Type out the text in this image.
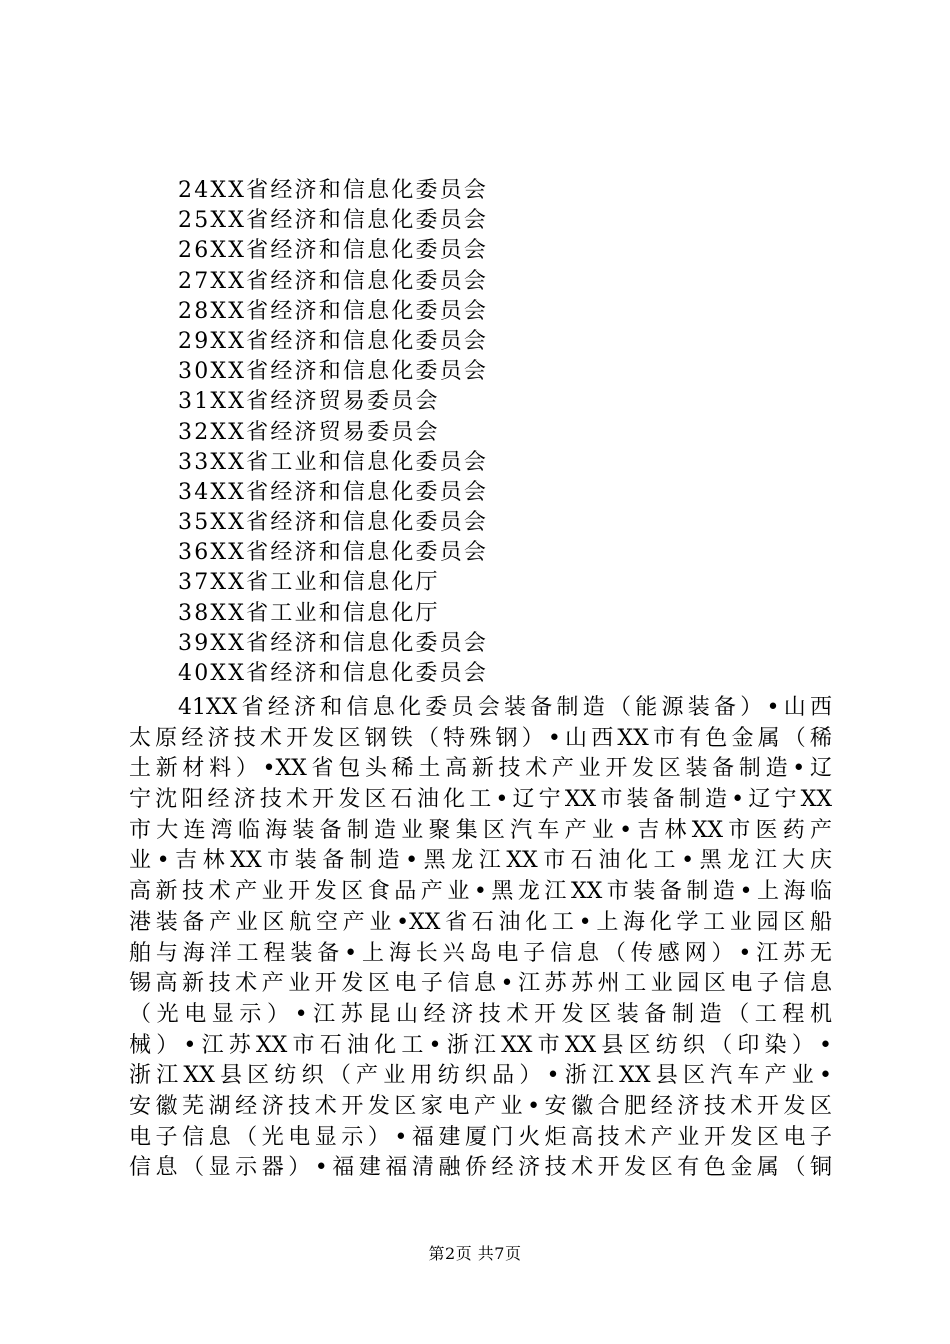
24XX省经济和信息化委员会
25XX省经济和信息化委员会
26XX省经济和信息化委员会
27XX省经济和信息化委员会
28XX省经济和信息化委员会
29XX省经济和信息化委员会
30XX省经济和信息化委员会
31XX省经济贸易委员会
32XX省经济贸易委员会
33XX省工业和信息化委员会
34XX省经济和信息化委员会
35XX省经济和信息化委员会
36XX省经济和信息化委员会
37XX省工业和信息化厅
38XX省工业和信息化厅
39XX省经济和信息化委员会
40XX省经济和信息化委员会
41XX省经济和信息化委员会装备制造（能源装备）•山西
太原经济技术开发区钢铁（特殊钢）•山西XX市有色金属（稀
土新材料）•XX省包头稀土高新技术产业开发区装备制造•辽
宁沈阳经济技术开发区石油化工•辽宁XX市装备制造•辽宁XX
市大连湾临海装备制造业聚集区汽车产业•吉林XX市医药产
业•吉林XX市装备制造•黑龙江XX市石油化工•黑龙江大庆
高新技术产业开发区食品产业•黑龙江XX市装备制造•上海临
港装备产业区航空产业•XX省石油化工•上海化学工业园区船
舶与海洋工程装备•上海长兴岛电子信息（传感网）•江苏无
锡高新技术产业开发区电子信息•江苏苏州工业园区电子信息
（光电显示）•江苏昆山经济技术开发区装备制造（工程机
械）•江苏XX市石油化工•浙江XX市XX县区纺织（印染）•
浙江XX县区纺织（产业用纺织品）•浙江XX县区汽车产业•
安徽芜湖经济技术开发区家电产业•安徽合肥经济技术开发区
电子信息（光电显示）•福建厦门火炬高技术产业开发区电子
信息（显示器）•福建福清融侨经济技术开发区有色金属（铜
第2页 共7页
